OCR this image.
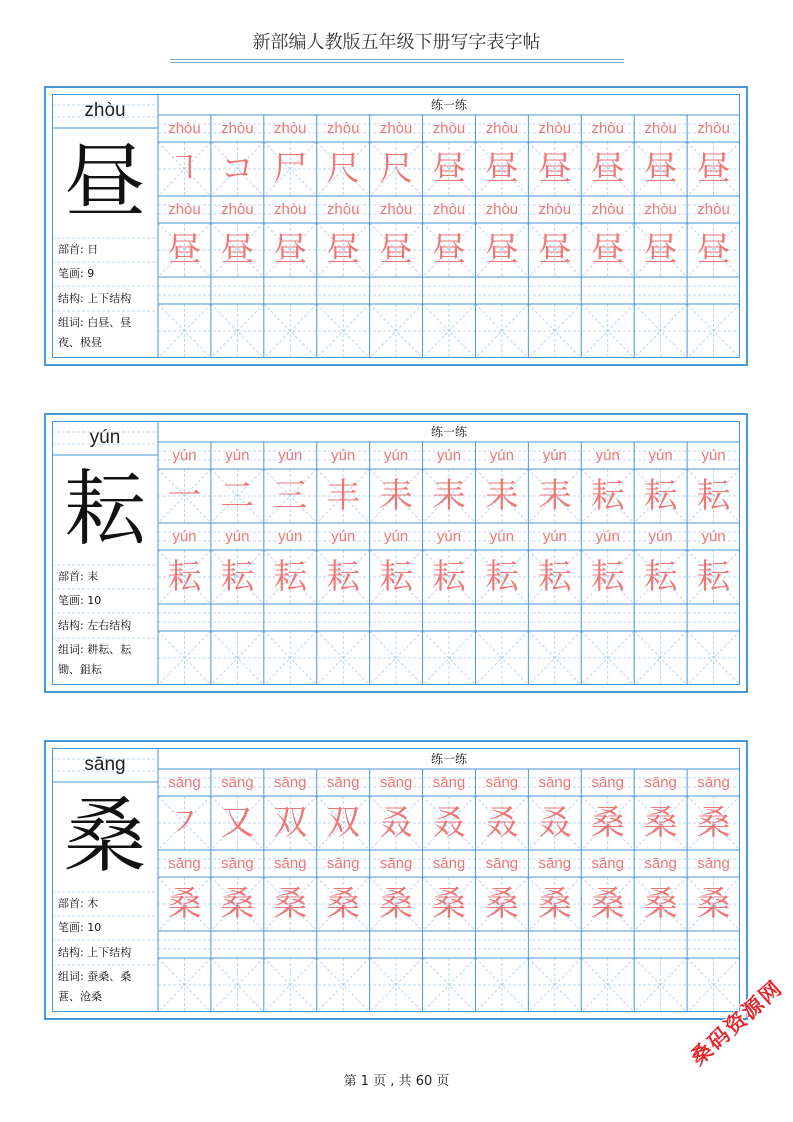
新部编人教版五年级下册写字表字帖
zhòu
昼
部首: 日
笔画: 9
结构: 上下结构
组词: 白昼、昼夜、极昼
练一练
zhòu	zhòu	zhòu	zhòu	zhòu	zhòu	zhòu	zhòu	zhòu	zhòu	zhòu
㇕ コ 尸 尺 尺 昼 昼 昼 昼 昼 昼
zhòu	zhòu	zhòu	zhòu	zhòu	zhòu	zhòu	zhòu	zhòu	zhòu	zhòu
昼 昼 昼 昼 昼 昼 昼 昼 昼 昼 昼
yún
耘
部首: 耒
笔画: 10
结构: 左右结构
组词: 耕耘、耘锄、鉏耘
练一练
yún	yún	yún	yún	yún	yún	yún	yún	yún	yún	yún
一 二 三 丰 耒 耒 耒 耒 耘 耘 耘
yún	yún	yún	yún	yún	yún	yún	yún	yún	yún	yún
耘 耘 耘 耘 耘 耘 耘 耘 耘 耘 耘
sāng
桑
部首: 木
笔画: 10
结构: 上下结构
组词: 蚕桑、桑葚、沧桑
练一练
sāng	sāng	sāng	sāng	sāng	sāng	sāng	sāng	sāng	sāng	sāng
㇇ 又 双 双 叒 叒 叒 叒 桑 桑 桑
sāng	sāng	sāng	sāng	sāng	sāng	sāng	sāng	sāng	sāng	sāng
桑 桑 桑 桑 桑 桑 桑 桑 桑 桑 桑
第 1 页 , 共 60 页
桑码资源网
